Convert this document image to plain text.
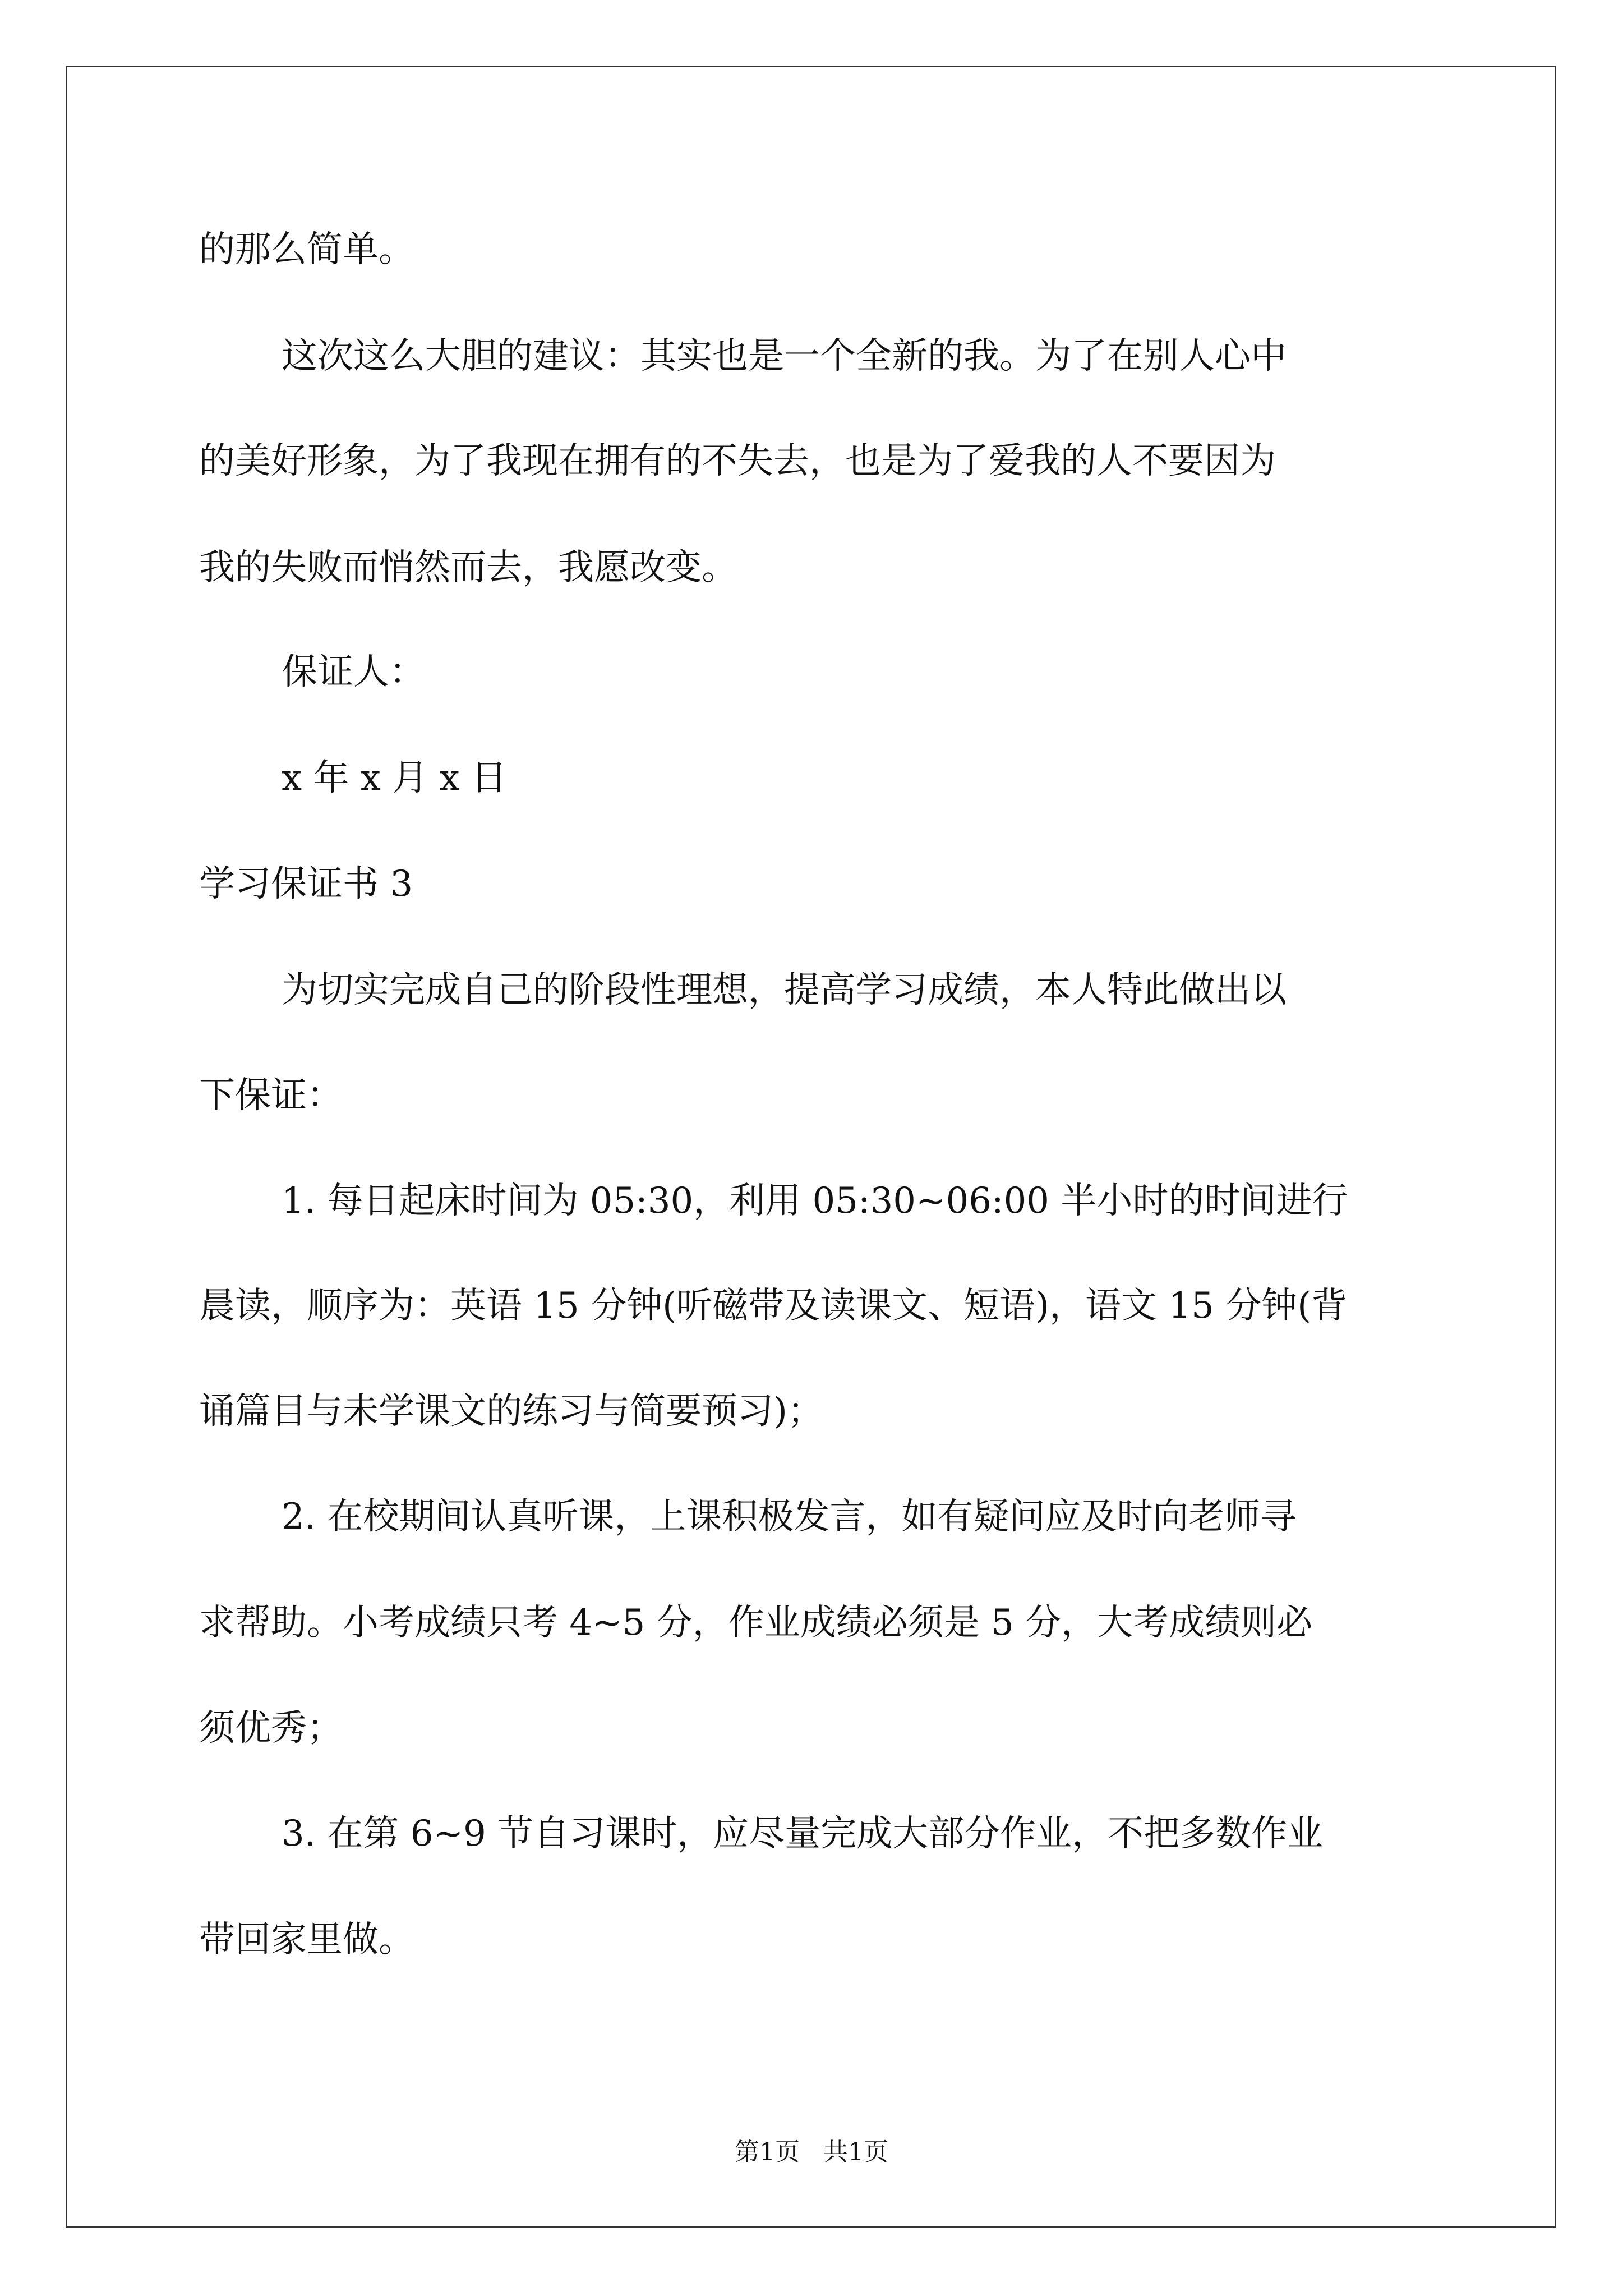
的那么简单。
这次这么大胆的建议：其实也是一个全新的我。为了在别人心中
的美好形象，为了我现在拥有的不失去，也是为了爱我的人不要因为
我的失败而悄然而去，我愿改变。
保证人：
x 年 x 月 x 日
学习保证书 3
为切实完成自己的阶段性理想，提高学习成绩，本人特此做出以
下保证：
1. 每日起床时间为 05:30，利用 05:30~06:00 半小时的时间进行
晨读，顺序为：英语 15 分钟(听磁带及读课文、短语)，语文 15 分钟(背
诵篇目与未学课文的练习与简要预习)；
2. 在校期间认真听课，上课积极发言，如有疑问应及时向老师寻
求帮助。小考成绩只考 4~5 分，作业成绩必须是 5 分，大考成绩则必
须优秀；
3. 在第 6~9 节自习课时，应尽量完成大部分作业，不把多数作业
带回家里做。
第1页   共1页
